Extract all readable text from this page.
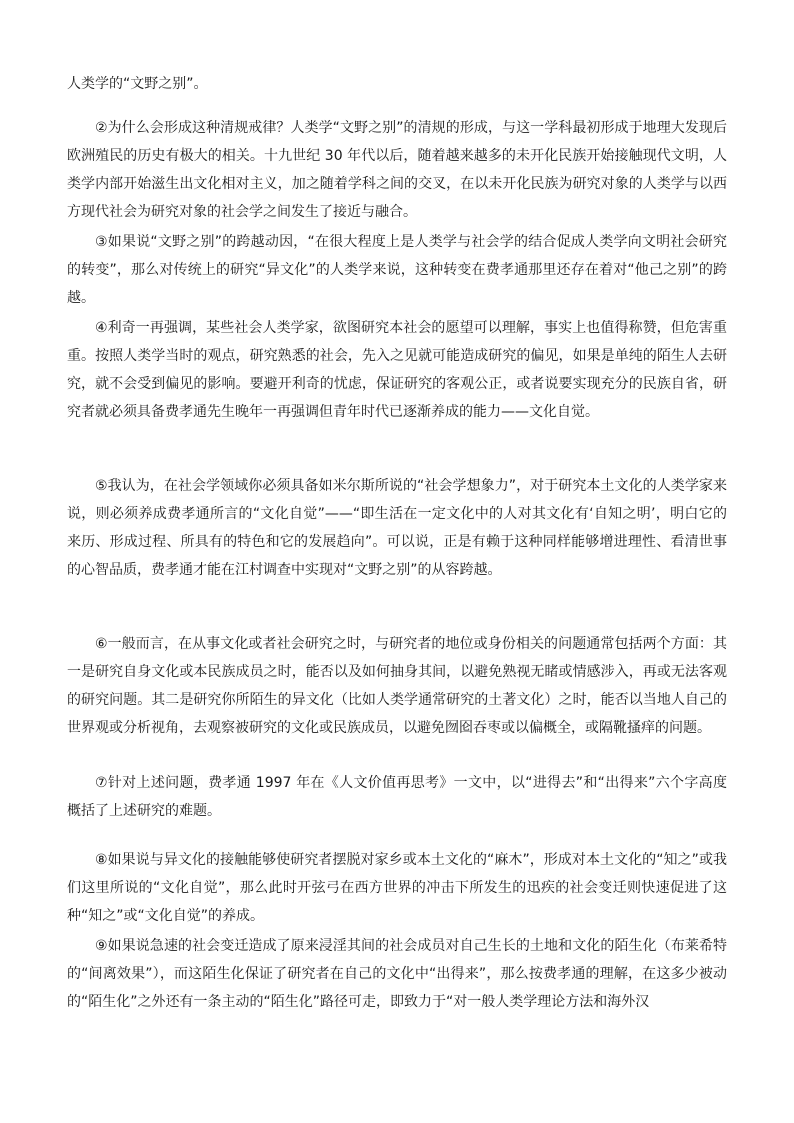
人类学的“文野之别”。

②为什么会形成这种清规戒律？人类学“文野之别”的清规的形成，与这一学科最初形成于地理大发现后欧洲殖民的历史有极大的相关。十九世纪 30 年代以后，随着越来越多的未开化民族开始接触现代文明，人类学内部开始滋生出文化相对主义，加之随着学科之间的交叉，在以未开化民族为研究对象的人类学与以西方现代社会为研究对象的社会学之间发生了接近与融合。

③如果说“文野之别”的跨越动因，“在很大程度上是人类学与社会学的结合促成人类学向文明社会研究的转变”，那么对传统上的研究“异文化”的人类学来说，这种转变在费孝通那里还存在着对“他己之别”的跨越。

④利奇一再强调，某些社会人类学家，欲图研究本社会的愿望可以理解，事实上也值得称赞，但危害重重。按照人类学当时的观点，研究熟悉的社会，先入之见就可能造成研究的偏见，如果是单纯的陌生人去研究，就不会受到偏见的影响。要避开利奇的忧虑，保证研究的客观公正，或者说要实现充分的民族自省，研究者就必须具备费孝通先生晚年一再强调但青年时代已逐渐养成的能力——文化自觉。

⑤我认为，在社会学领域你必须具备如米尔斯所说的“社会学想象力”，对于研究本土文化的人类学家来说，则必须养成费孝通所言的“文化自觉”——“即生活在一定文化中的人对其文化有‘自知之明’，明白它的来历、形成过程、所具有的特色和它的发展趋向”。可以说，正是有赖于这种同样能够增进理性、看清世事的心智品质，费孝通才能在江村调查中实现对“文野之别”的从容跨越。

⑥一般而言，在从事文化或者社会研究之时，与研究者的地位或身份相关的问题通常包括两个方面：其一是研究自身文化或本民族成员之时，能否以及如何抽身其间，以避免熟视无睹或情感涉入，再或无法客观的研究问题。其二是研究你所陌生的异文化（比如人类学通常研究的土著文化）之时，能否以当地人自己的世界观或分析视角，去观察被研究的文化或民族成员，以避免囫囵吞枣或以偏概全，或隔靴搔痒的问题。

⑦针对上述问题，费孝通 1997 年在《人文价值再思考》一文中，以“进得去”和“出得来”六个字高度概括了上述研究的难题。

⑧如果说与异文化的接触能够使研究者摆脱对家乡或本土文化的“麻木”，形成对本土文化的“知之”或我们这里所说的“文化自觉”，那么此时开弦弓在西方世界的冲击下所发生的迅疾的社会变迁则快速促进了这种“知之”或“文化自觉”的养成。

⑨如果说急速的社会变迁造成了原来浸淫其间的社会成员对自己生长的土地和文化的陌生化（布莱希特的“间离效果”），而这陌生化保证了研究者在自己的文化中“出得来”，那么按费孝通的理解，在这多少被动的“陌生化”之外还有一条主动的“陌生化”路径可走，即致力于“对一般人类学理论方法和海外汉
